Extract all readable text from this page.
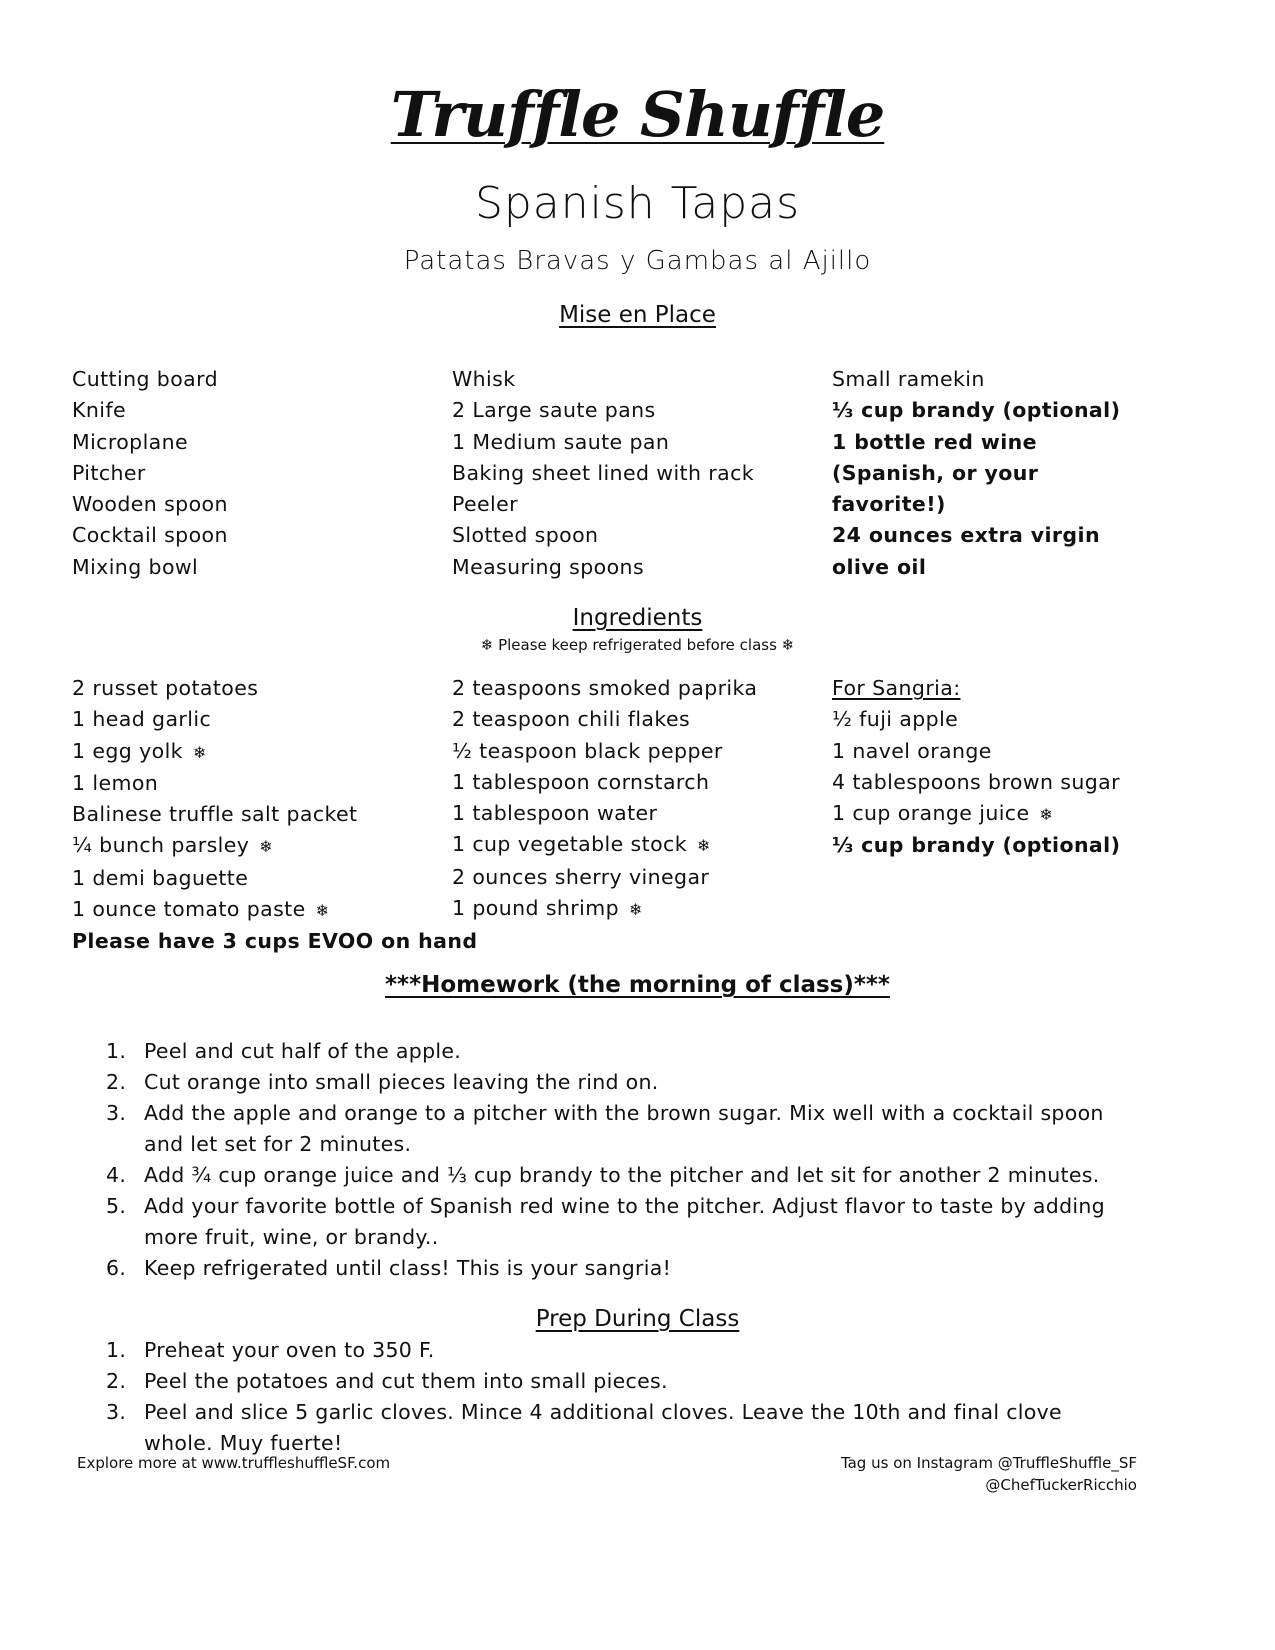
Truffle Shuffle
Spanish Tapas
Patatas Bravas y Gambas al Ajillo
Mise en Place
Cutting board
Knife
Microplane
Pitcher
Wooden spoon
Cocktail spoon
Mixing bowl
Whisk
2 Large saute pans
1 Medium saute pan
Baking sheet lined with rack
Peeler
Slotted spoon
Measuring spoons
Small ramekin
⅓ cup brandy (optional)
1 bottle red wine (Spanish, or your favorite!)
24 ounces extra virgin olive oil
Ingredients
❄ Please keep refrigerated before class ❄
2 russet potatoes
1 head garlic
1 egg yolk ❄
1 lemon
Balinese truffle salt packet
¼ bunch parsley ❄
1 demi baguette
1 ounce tomato paste ❄
Please have 3 cups EVOO on hand
2 teaspoons smoked paprika
2 teaspoon chili flakes
½ teaspoon black pepper
1 tablespoon cornstarch
1 tablespoon water
1 cup vegetable stock ❄
2 ounces sherry vinegar
1 pound shrimp ❄
For Sangria:
½ fuji apple
1 navel orange
4 tablespoons brown sugar
1 cup orange juice ❄
⅓ cup brandy (optional)
***Homework (the morning of class)***
1. Peel and cut half of the apple.
2. Cut orange into small pieces leaving the rind on.
3. Add the apple and orange to a pitcher with the brown sugar. Mix well with a cocktail spoon and let set for 2 minutes.
4. Add ¾ cup orange juice and ⅓ cup brandy to the pitcher and let sit for another 2 minutes.
5. Add your favorite bottle of Spanish red wine to the pitcher. Adjust flavor to taste by adding more fruit, wine, or brandy..
6. Keep refrigerated until class! This is your sangria!
Prep During Class
1. Preheat your oven to 350 F.
2. Peel the potatoes and cut them into small pieces.
3. Peel and slice 5 garlic cloves. Mince 4 additional cloves. Leave the 10th and final clove whole. Muy fuerte!
Explore more at www.truffleshuffleSF.com	Tag us on Instagram @TruffleShuffle_SF
@ChefTuckerRicchio
